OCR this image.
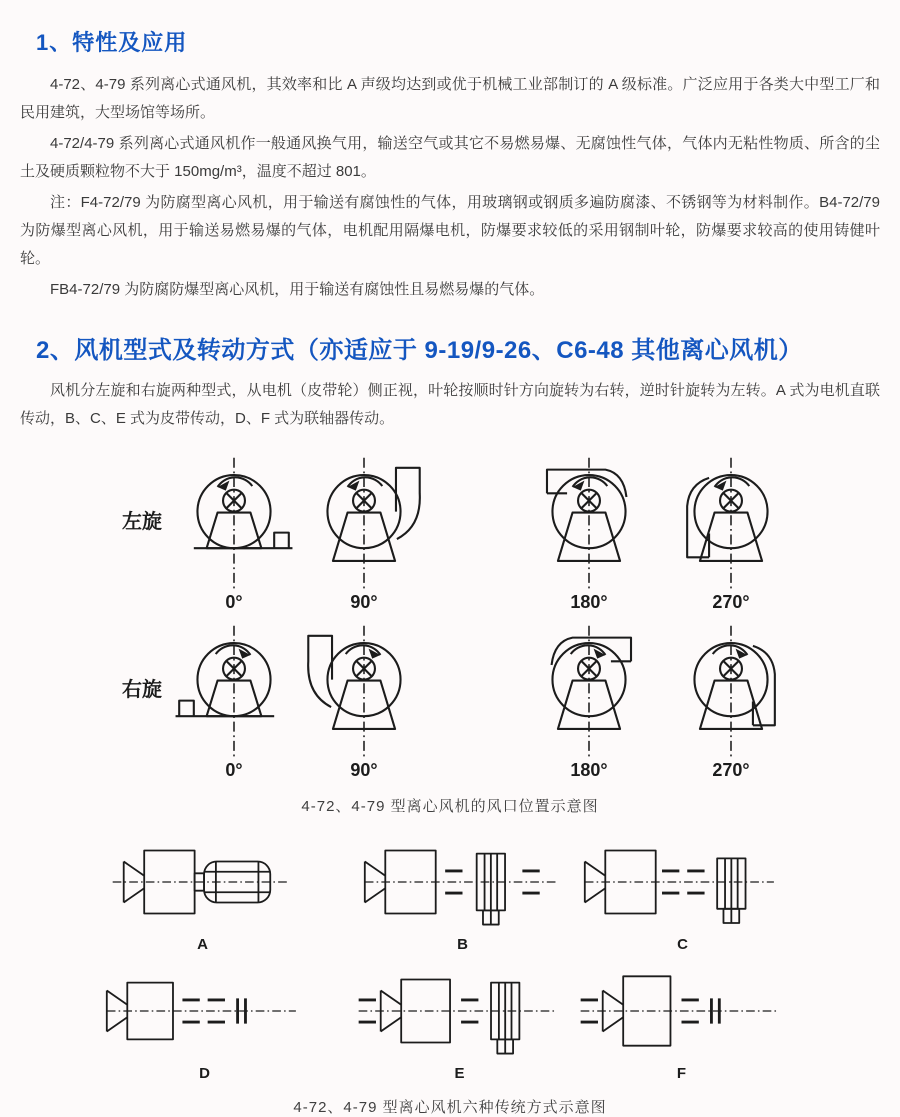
1、特性及应用

4-72、4-79 系列离心式通风机，其效率和比 A 声级均达到或优于机械工业部制订的 A 级标准。广泛应用于各类大中型工厂和民用建筑，大型场馆等场所。

4-72/4-79 系列离心式通风机作一般通风换气用，输送空气或其它不易燃易爆、无腐蚀性气体，气体内无粘性物质、所含的尘土及硬质颗粒物不大于 150mg/m³，温度不超过 801。

注：F4-72/79 为防腐型离心风机，用于输送有腐蚀性的气体，用玻璃钢或钢质多遍防腐漆、不锈钢等为材料制作。B4-72/79 为防爆型离心风机，用于输送易燃易爆的气体，电机配用隔爆电机，防爆要求较低的采用钢制叶轮，防爆要求较高的使用铸健叶轮。

FB4-72/79 为防腐防爆型离心风机，用于输送有腐蚀性且易燃易爆的气体。

2、风机型式及转动方式（亦适应于 9-19/9-26、C6-48 其他离心风机）

风机分左旋和右旋两种型式，从电机（皮带轮）侧正视，叶轮按顺时针方向旋转为右转，逆时针旋转为左转。A 式为电机直联传动，B、C、E 式为皮带传动，D、F 式为联轴器传动。

左旋
0°	90°	180°	270°
右旋
0°	90°	180°	270°
4-72、4-79 型离心风机的风口位置示意图
A	B	C
D	E	F
4-72、4-79 型离心风机六种传统方式示意图
